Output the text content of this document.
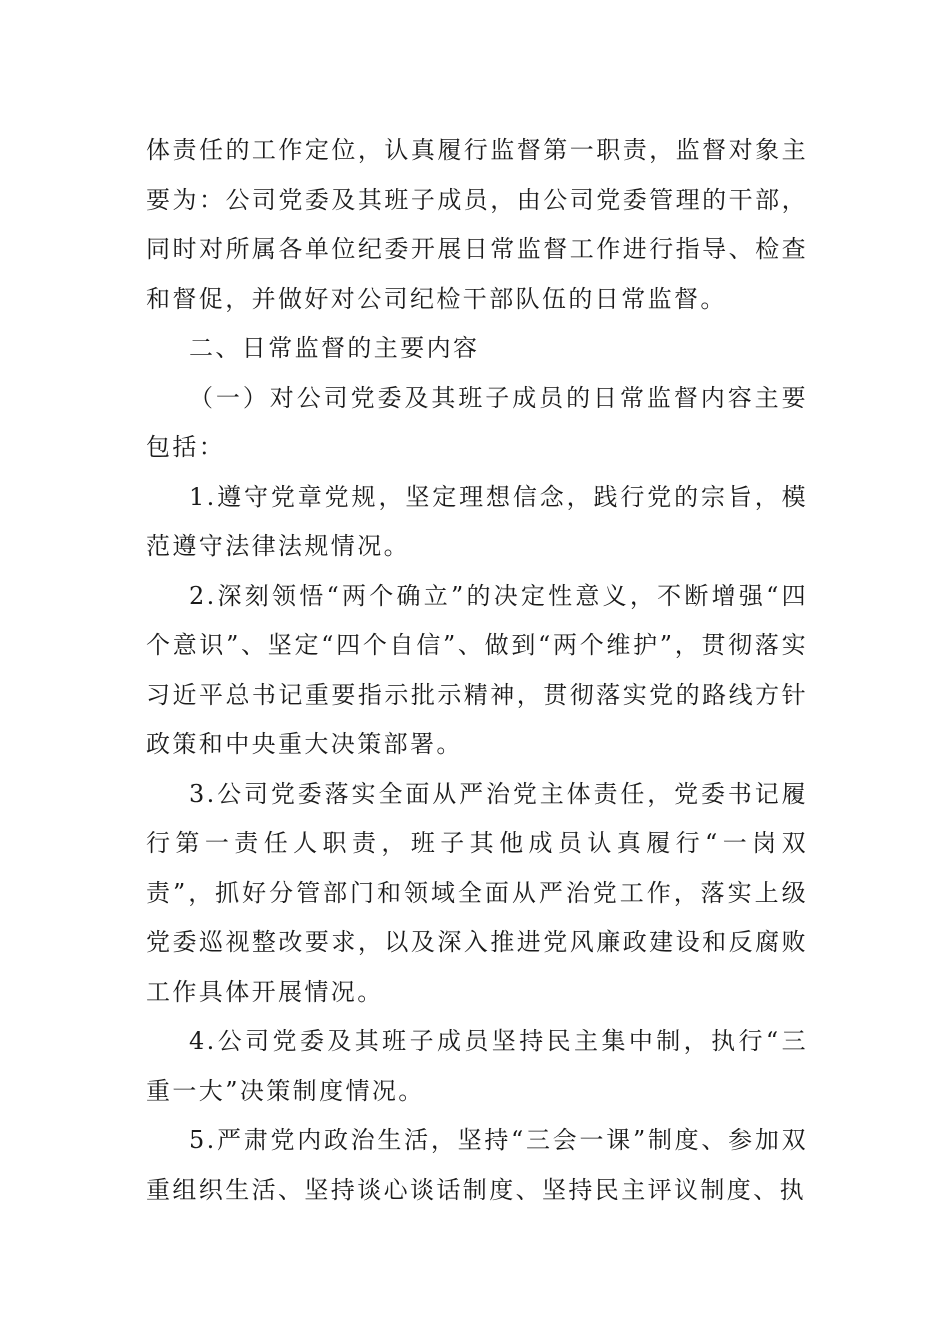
体责任的工作定位，认真履行监督第一职责，监督对象主要为：公司党委及其班子成员，由公司党委管理的干部，同时对所属各单位纪委开展日常监督工作进行指导、检查和督促，并做好对公司纪检干部队伍的日常监督。

二、日常监督的主要内容

（一）对公司党委及其班子成员的日常监督内容主要包括：

1.遵守党章党规，坚定理想信念，践行党的宗旨，模范遵守法律法规情况。

2.深刻领悟“两个确立”的决定性意义，不断增强“四个意识”、坚定“四个自信”、做到“两个维护”，贯彻落实习近平总书记重要指示批示精神，贯彻落实党的路线方针政策和中央重大决策部署。

3.公司党委落实全面从严治党主体责任，党委书记履行第一责任人职责，班子其他成员认真履行“一岗双责”，抓好分管部门和领域全面从严治党工作，落实上级党委巡视整改要求，以及深入推进党风廉政建设和反腐败工作具体开展情况。

4.公司党委及其班子成员坚持民主集中制，执行“三重一大”决策制度情况。

5.严肃党内政治生活，坚持“三会一课”制度、参加双重组织生活、坚持谈心谈话制度、坚持民主评议制度、执
